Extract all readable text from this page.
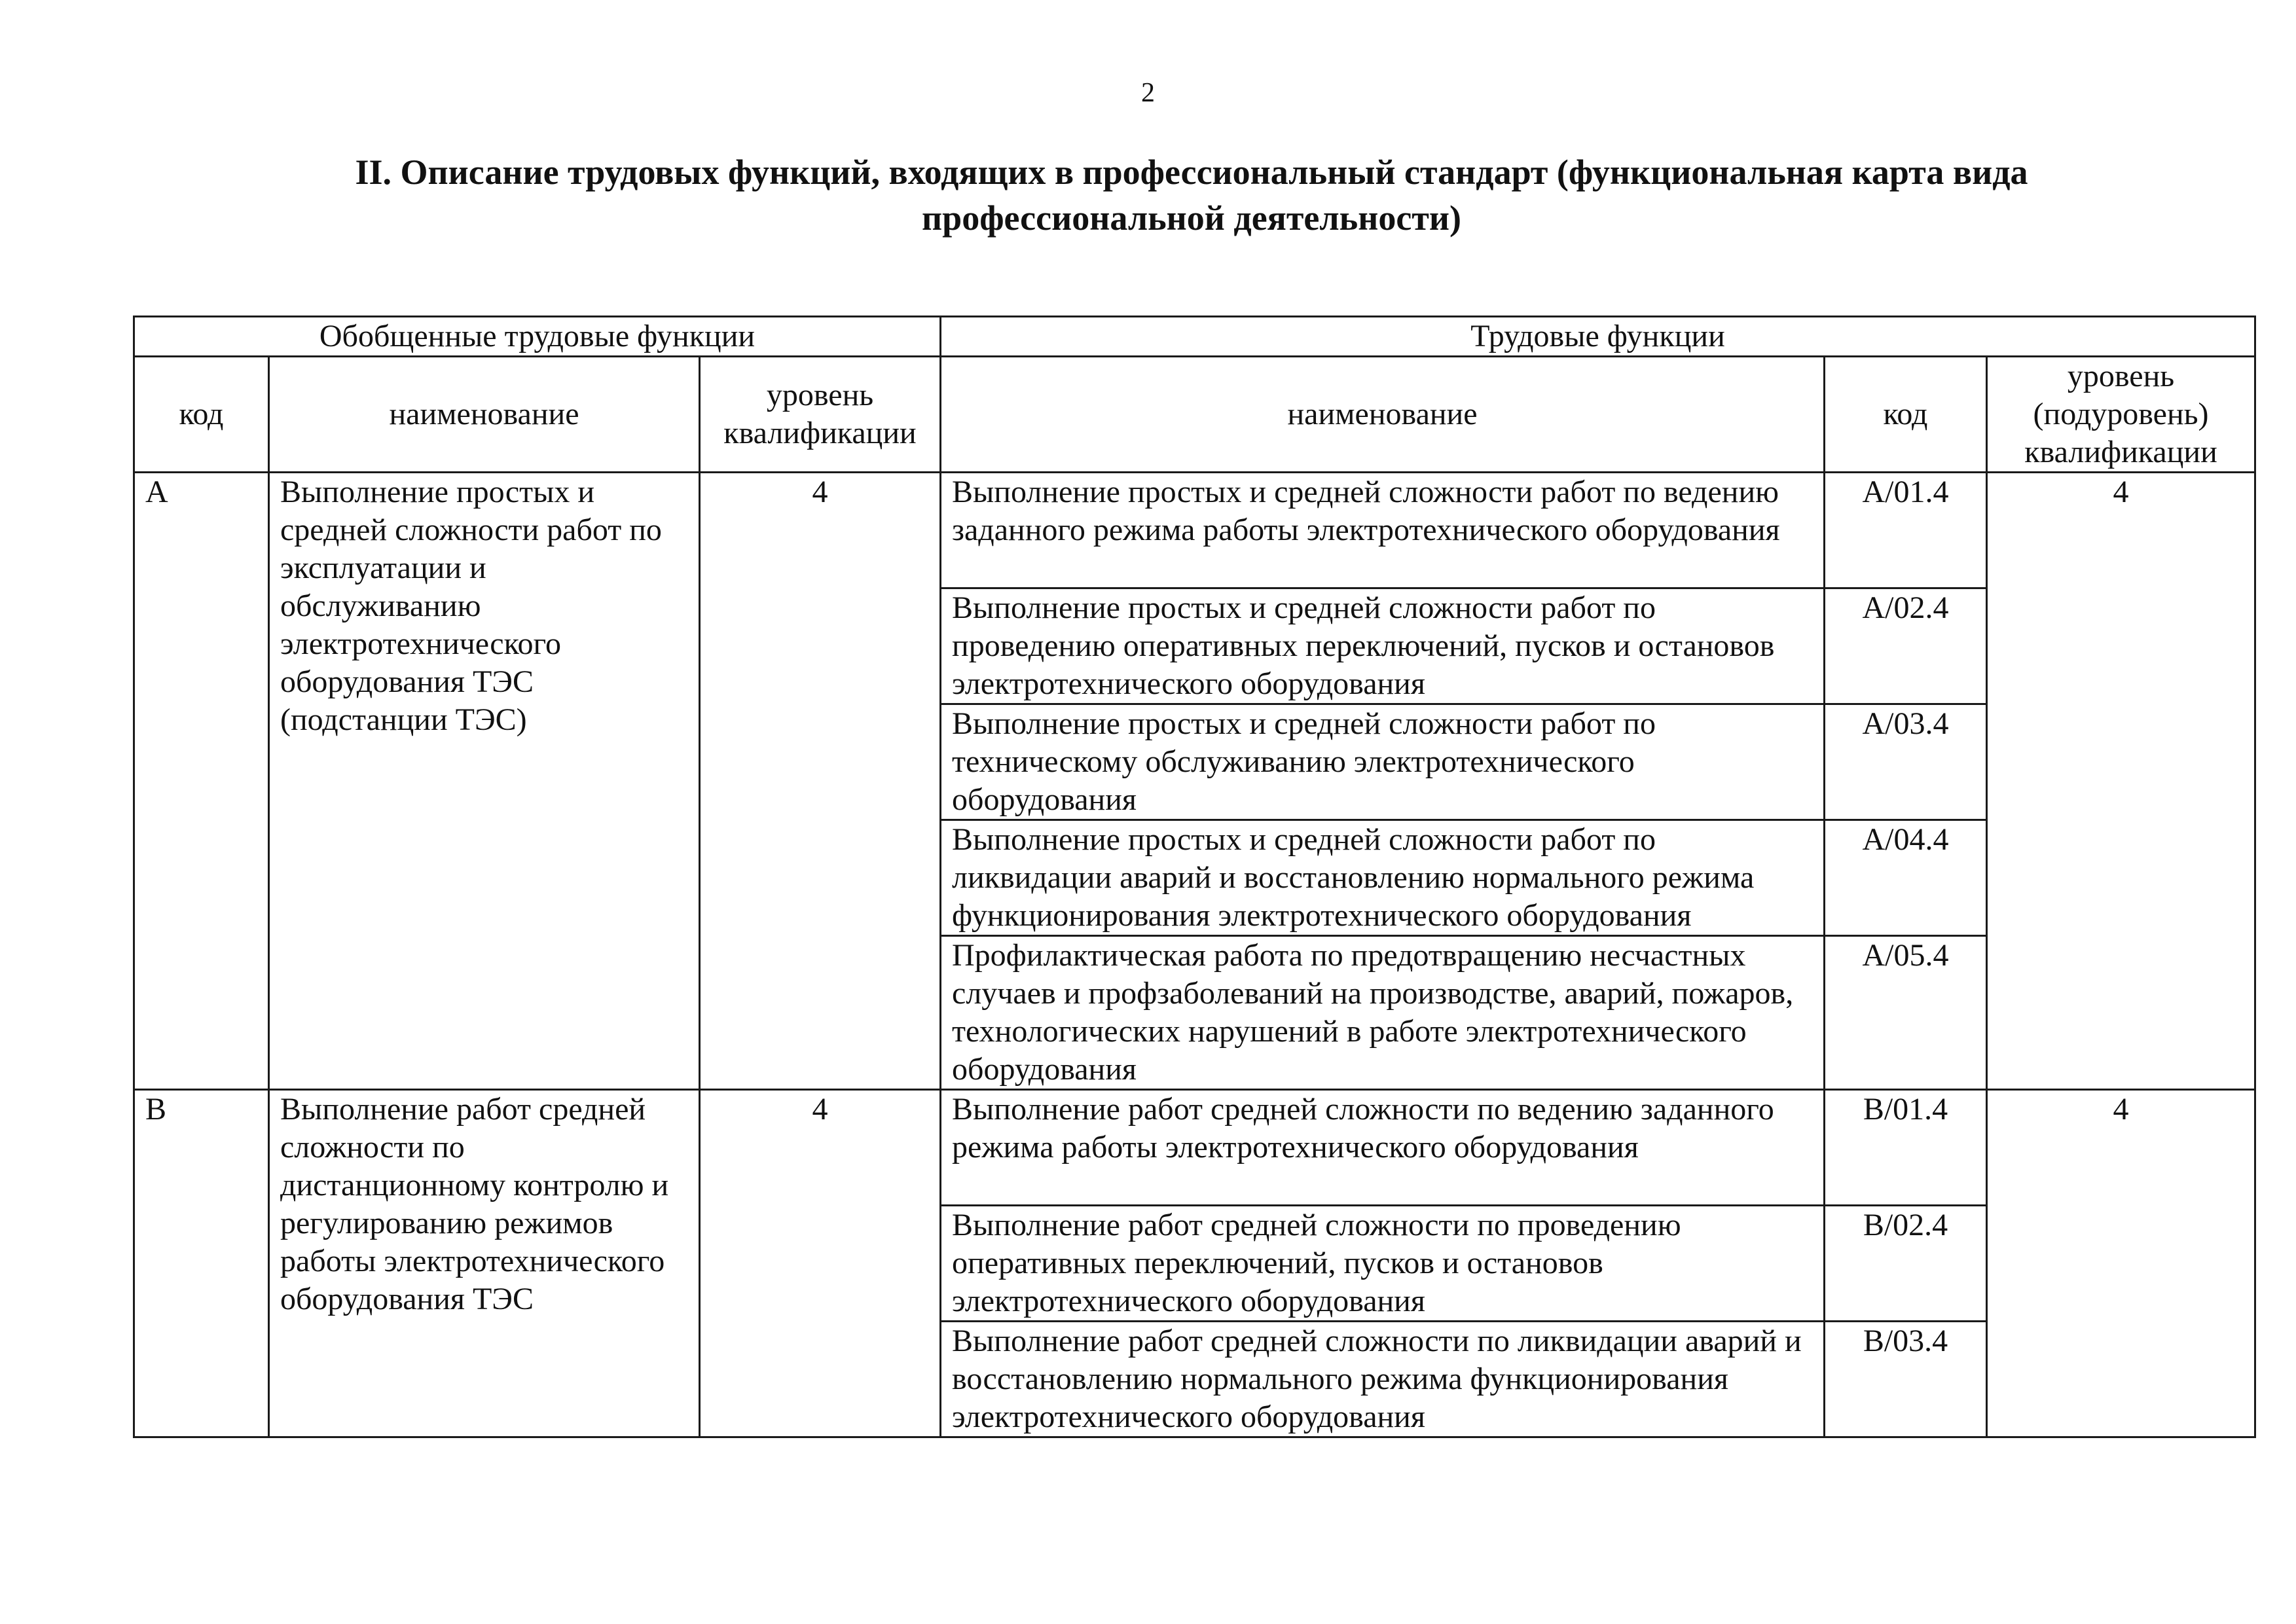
2
II. Описание трудовых функций, входящих в профессиональный стандарт (функциональная карта вида
профессиональной деятельности)
Обобщенные трудовые функции			Трудовые функции		
код	наименование	уровень квалификации	наименование	код	уровень (подуровень) квалификации
A	Выполнение простых и средней сложности работ по эксплуатации и обслуживанию электротехнического оборудования ТЭС (подстанции ТЭС)	4	Выполнение простых и средней сложности работ по ведению заданного режима работы электротехнического оборудования	A/01.4	4
			Выполнение простых и средней сложности работ по проведению оперативных переключений, пусков и остановов электротехнического оборудования	A/02.4	
			Выполнение простых и средней сложности работ по техническому обслуживанию электротехнического оборудования	A/03.4	
			Выполнение простых и средней сложности работ по ликвидации аварий и восстановлению нормального режима функционирования электротехнического оборудования	A/04.4	
			Профилактическая работа по предотвращению несчастных случаев и профзаболеваний на производстве, аварий, пожаров, технологических нарушений в работе электротехнического оборудования	A/05.4	
B	Выполнение работ средней сложности по дистанционному контролю и регулированию режимов работы электротехнического оборудования ТЭС	4	Выполнение работ средней сложности по ведению заданного режима работы электротехнического оборудования	B/01.4	4
			Выполнение работ средней сложности по проведению оперативных переключений, пусков и остановов электротехнического оборудования	B/02.4	
			Выполнение работ средней сложности по ликвидации аварий и восстановлению нормального режима функционирования электротехнического оборудования	B/03.4	
